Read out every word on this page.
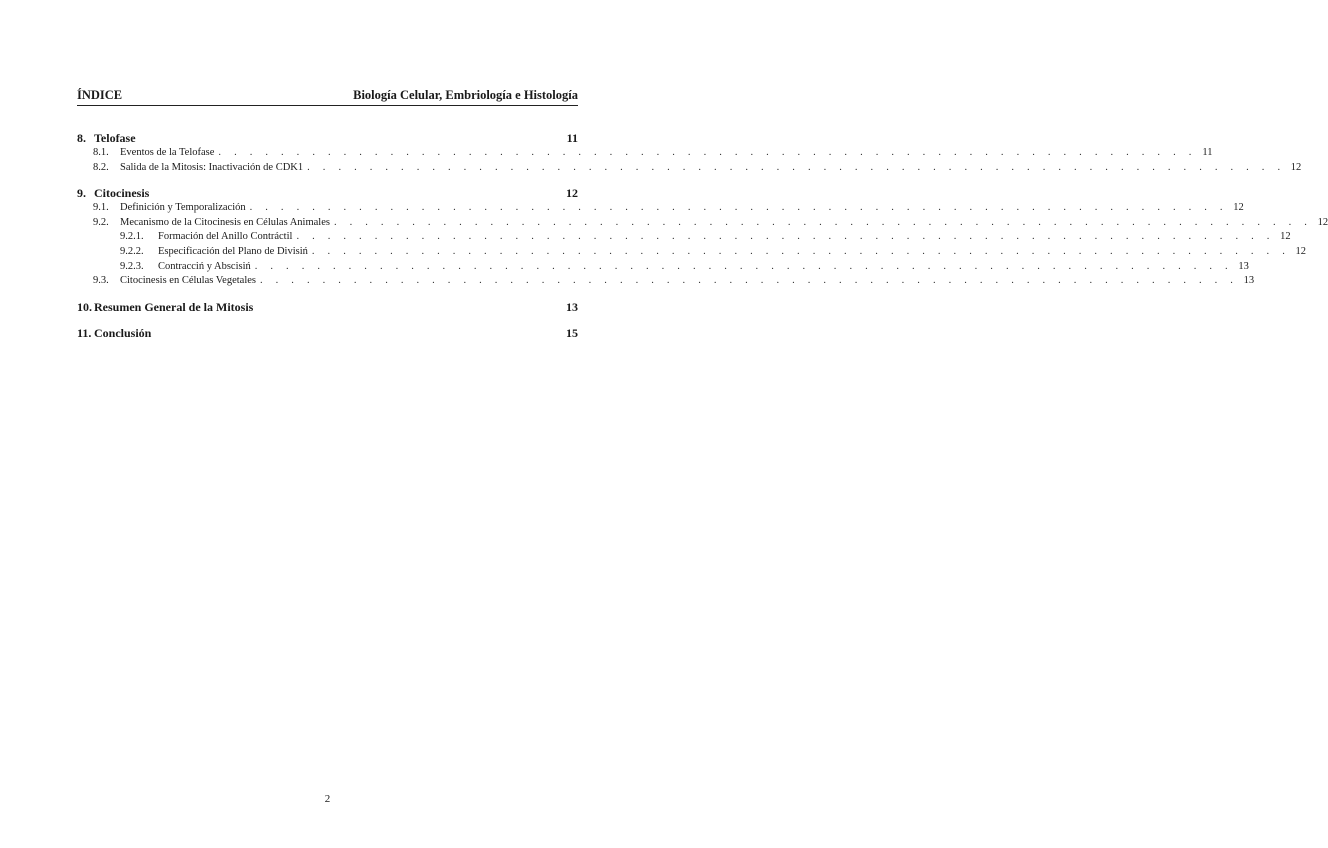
ÍNDICE	Biología Celular, Embriología e Histología
8. Telofase	11
8.1.	Eventos de la Telofase . . . . . . . . . . . . . . . . . . . . . . . . . . . . . . . . . . . . . . . . . . . . . . . . . . . . . . . . . . . . . . . 11
8.2.	Salida de la Mitosis: Inactivación de CDK1 . . . . . . . . . . . . . . . . . . . . . . . . . . . . . . . . . . . . . . . . . . . . . . . . . . . . . . . . . . . . . . . 12
9. Citocinesis	12
9.1.	Definición y Temporalización . . . . . . . . . . . . . . . . . . . . . . . . . . . . . . . . . . . . . . . . . . . . . . . . . . . . . . . . . . . . . . . 12
9.2.	Mecanismo de la Citocinesis en Células Animales . . . . . . . . . . . . . . . . . . . . . . . . . . . . . . . . . . . . . . . . . . . . . . . . . . . . . . . . . . . . . . . 12
9.2.1.	Formación del Anillo Contráctil . . . . . . . . . . . . . . . . . . . . . . . . . . . . . . . . . . . . . . . . . . . . . . . . . . . . . . . . . . . . . . . 12
9.2.2.	Especificación del Plano de Divisiń . . . . . . . . . . . . . . . . . . . . . . . . . . . . . . . . . . . . . . . . . . . . . . . . . . . . . . . . . . . . . . . 12
9.2.3.	Contracciń y Abscisiń . . . . . . . . . . . . . . . . . . . . . . . . . . . . . . . . . . . . . . . . . . . . . . . . . . . . . . . . . . . . . . . 13
9.3.	Citocinesis en Células Vegetales . . . . . . . . . . . . . . . . . . . . . . . . . . . . . . . . . . . . . . . . . . . . . . . . . . . . . . . . . . . . . . . 13
10. Resumen General de la Mitosis	13
11. Conclusión	15
2
